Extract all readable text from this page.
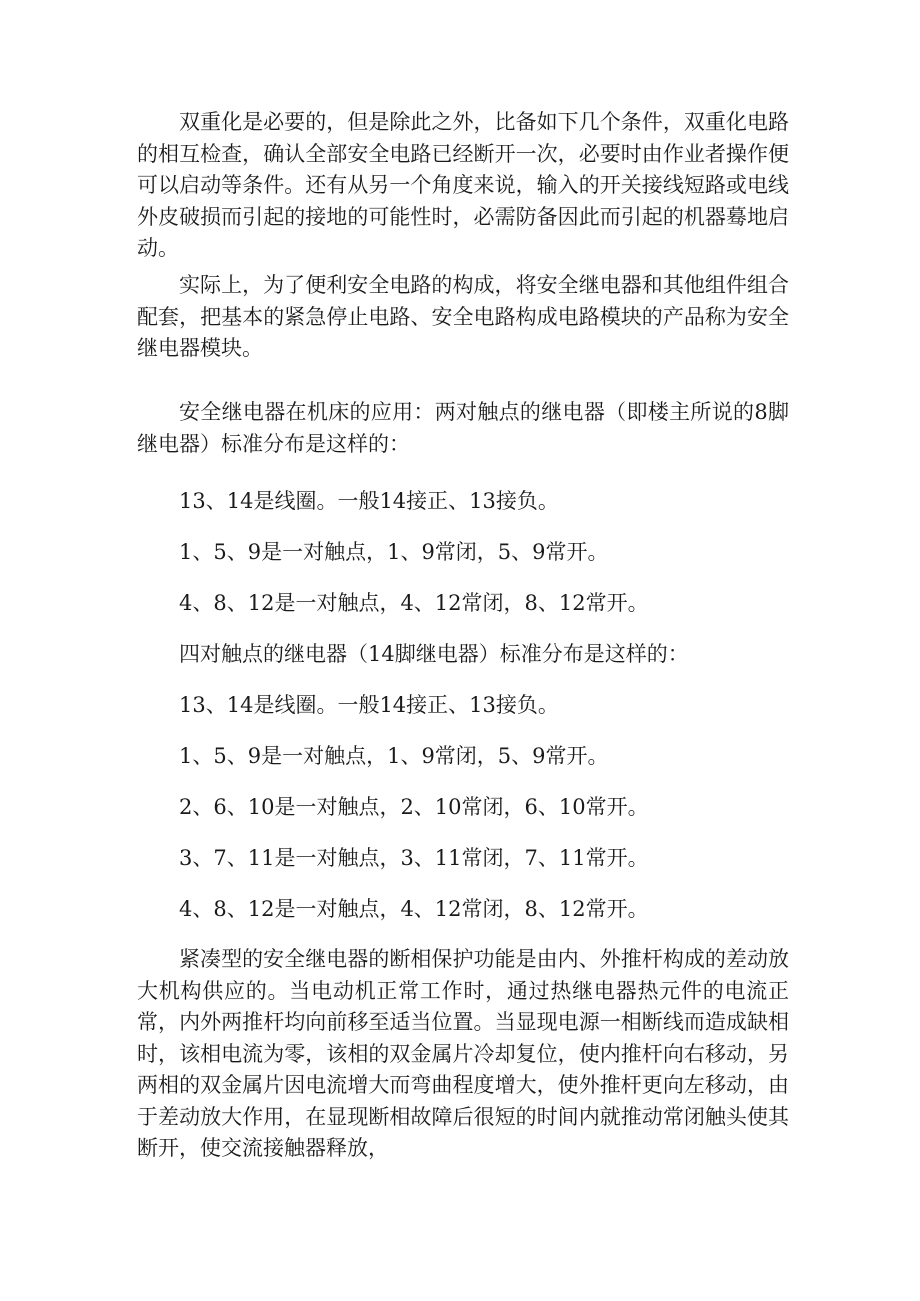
双重化是必要的，但是除此之外，比备如下几个条件，双重化电路的相互检查，确认全部安全电路已经断开一次，必要时由作业者操作便可以启动等条件。还有从另一个角度来说，输入的开关接线短路或电线外皮破损而引起的接地的可能性时，必需防备因此而引起的机器蓦地启动。

实际上，为了便利安全电路的构成，将安全继电器和其他组件组合配套，把基本的紧急停止电路、安全电路构成电路模块的产品称为安全继电器模块。

安全继电器在机床的应用：两对触点的继电器（即楼主所说的8脚继电器）标准分布是这样的：

13、14是线圈。一般14接正、13接负。

1、5、9是一对触点，1、9常闭，5、9常开。

4、8、12是一对触点，4、12常闭，8、12常开。

四对触点的继电器（14脚继电器）标准分布是这样的：

13、14是线圈。一般14接正、13接负。

1、5、9是一对触点，1、9常闭，5、9常开。

2、6、10是一对触点，2、10常闭，6、10常开。

3、7、11是一对触点，3、11常闭，7、11常开。

4、8、12是一对触点，4、12常闭，8、12常开。

紧凑型的安全继电器的断相保护功能是由内、外推杆构成的差动放大机构供应的。当电动机正常工作时，通过热继电器热元件的电流正常，内外两推杆均向前移至适当位置。当显现电源一相断线而造成缺相时，该相电流为零，该相的双金属片冷却复位，使内推杆向右移动，另两相的双金属片因电流增大而弯曲程度增大，使外推杆更向左移动，由于差动放大作用，在显现断相故障后很短的时间内就推动常闭触头使其断开，使交流接触器释放，
